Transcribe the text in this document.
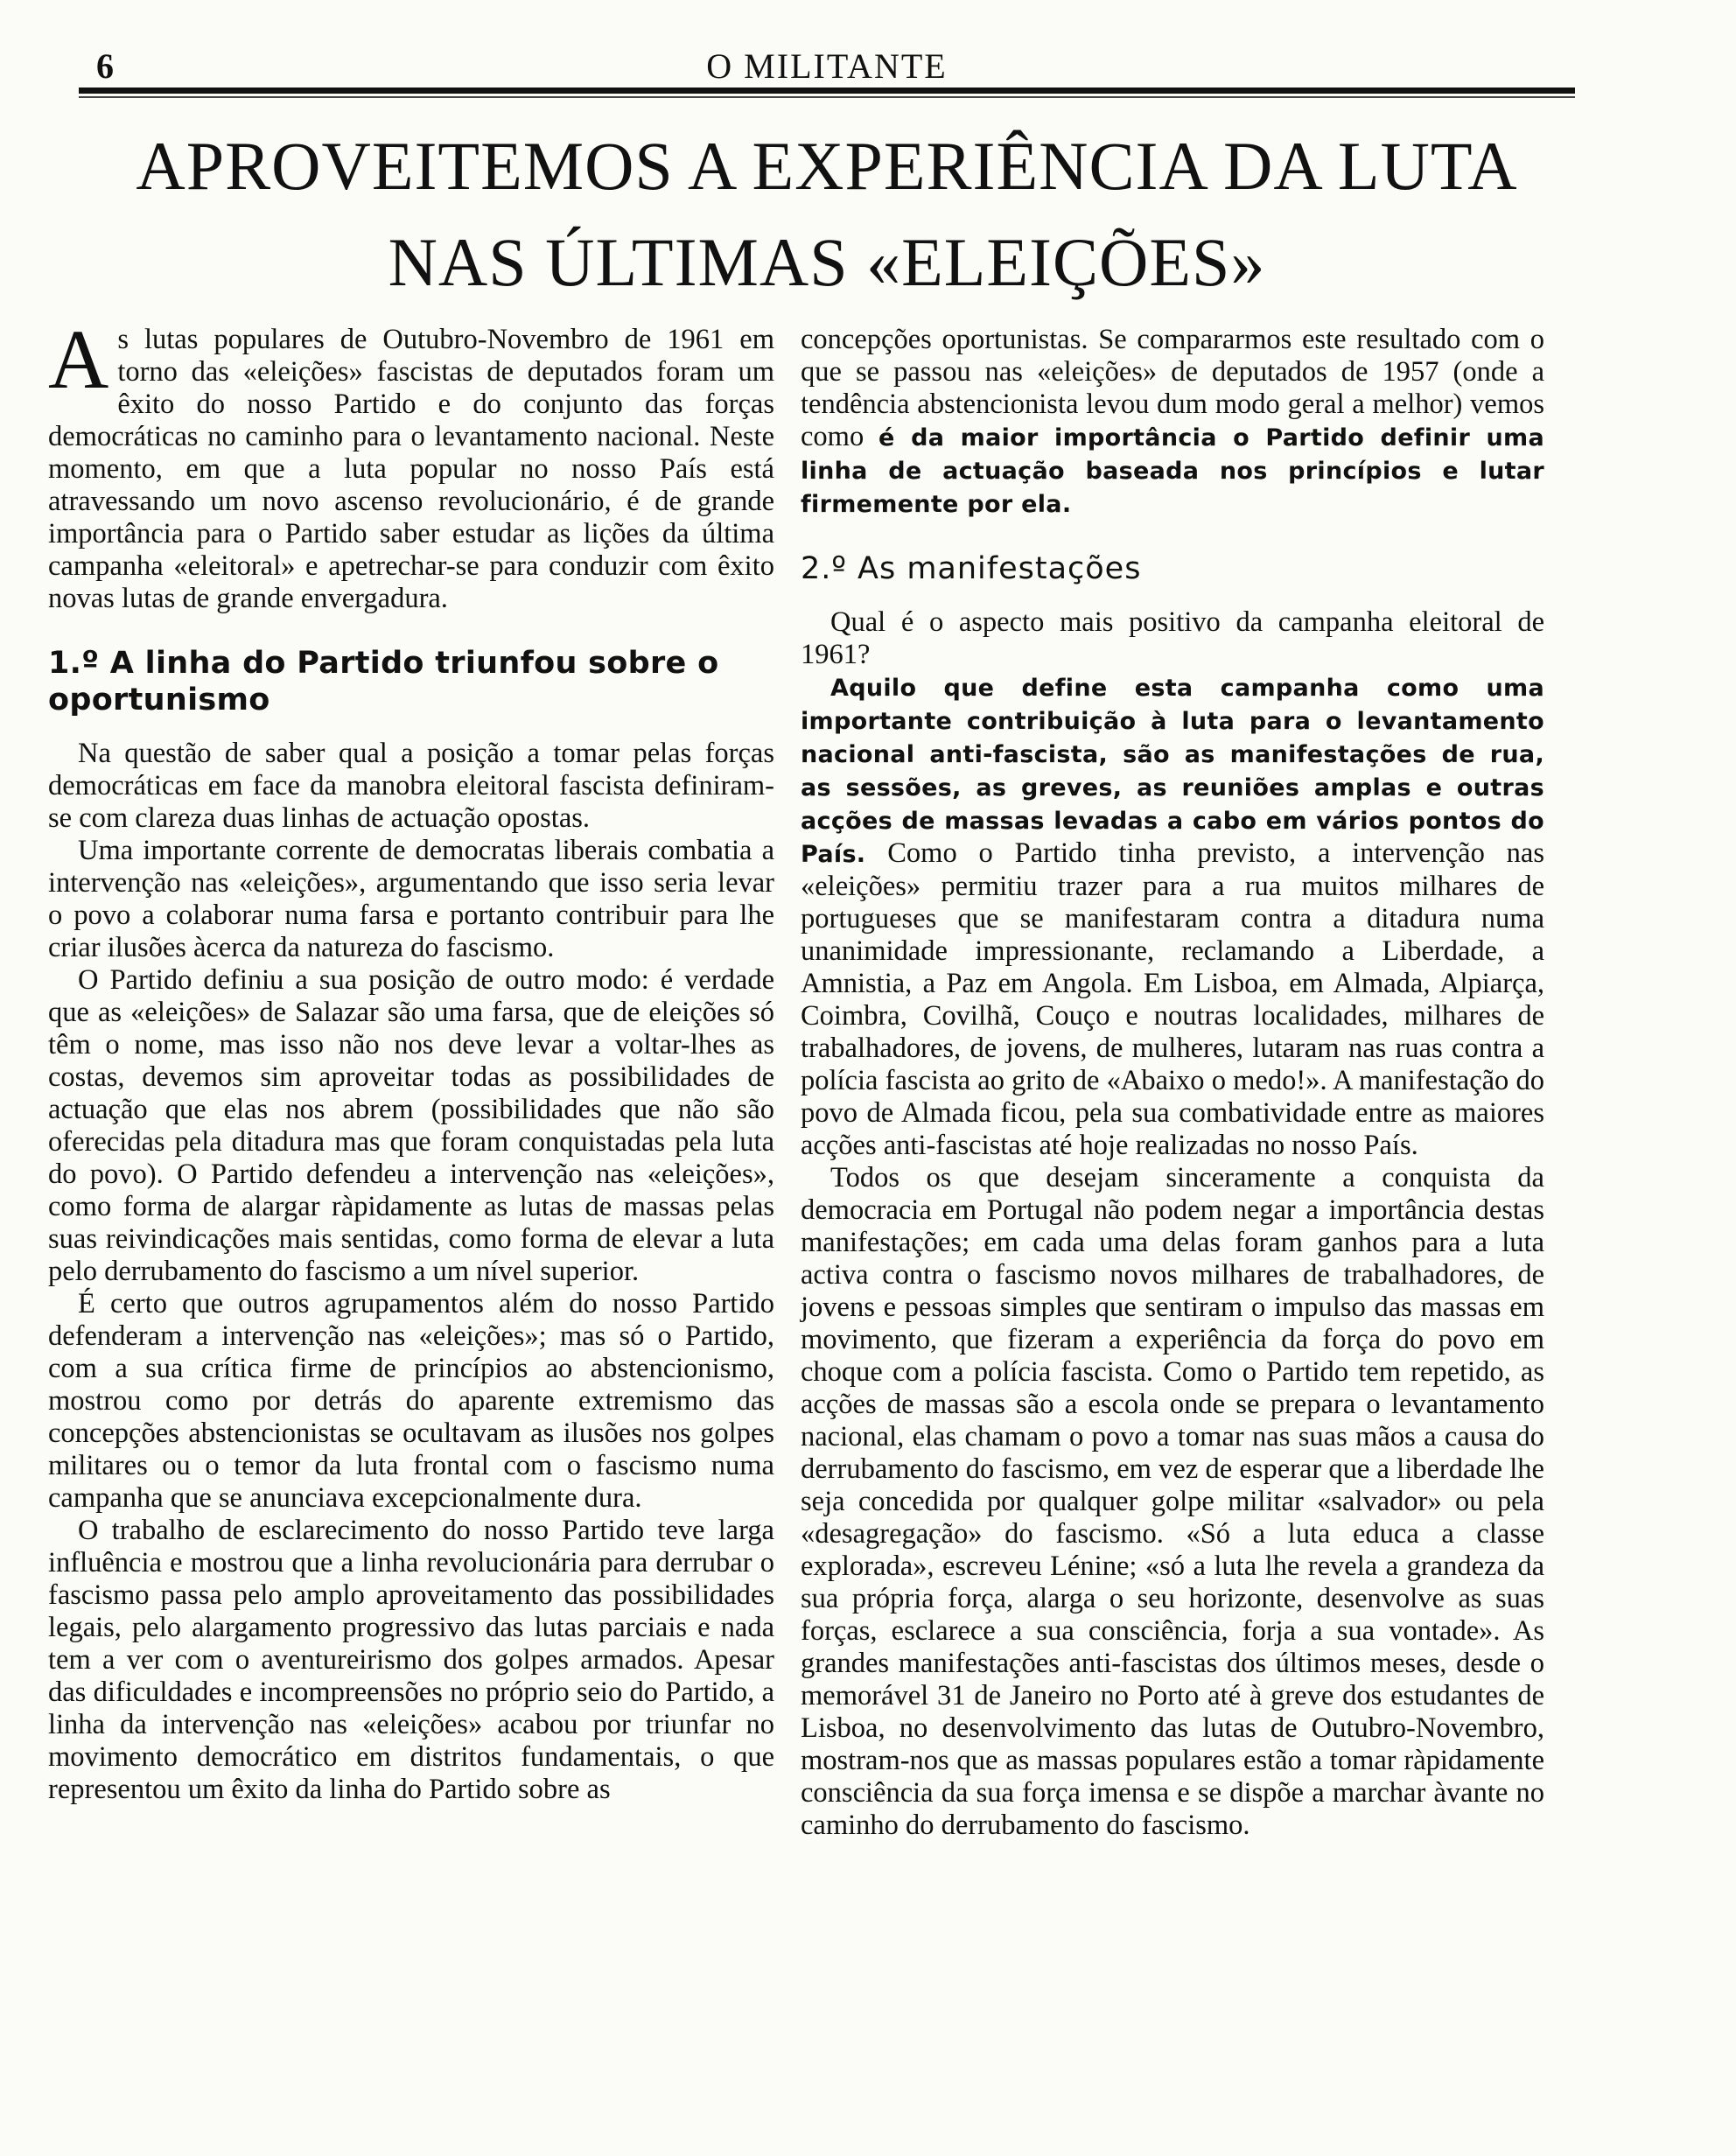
6	O MILITANTE
APROVEITEMOS A EXPERIÊNCIA DA LUTA
NAS ÚLTIMAS «ELEIÇÕES»

As lutas populares de Outubro-Novembro de 1961 em torno das «eleições» fascistas de deputados foram um êxito do nosso Partido e do conjunto das forças democráticas no caminho para o levantamento nacional. Neste momento, em que a luta popular no nosso País está atravessando um novo ascenso revolucionário, é de grande importância para o Partido saber estudar as lições da última campanha «eleitoral» e apetrechar-se para conduzir com êxito novas lutas de grande envergadura.

1.º A linha do Partido triunfou sobre o oportunismo

Na questão de saber qual a posição a tomar pelas forças democráticas em face da manobra eleitoral fascista definiram-se com clareza duas linhas de actuação opostas.

Uma importante corrente de democratas liberais combatia a intervenção nas «eleições», argumentando que isso seria levar o povo a colaborar numa farsa e portanto contribuir para lhe criar ilusões àcerca da natureza do fascismo.

O Partido definiu a sua posição de outro modo: é verdade que as «eleições» de Salazar são uma farsa, que de eleições só têm o nome, mas isso não nos deve levar a voltar-lhes as costas, devemos sim aproveitar todas as possibilidades de actuação que elas nos abrem (possibilidades que não são oferecidas pela ditadura mas que foram conquistadas pela luta do povo). O Partido defendeu a intervenção nas «eleições», como forma de alargar ràpidamente as lutas de massas pelas suas reivindicações mais sentidas, como forma de elevar a luta pelo derrubamento do fascismo a um nível superior.

É certo que outros agrupamentos além do nosso Partido defenderam a intervenção nas «eleições»; mas só o Partido, com a sua crítica firme de princípios ao abstencionismo, mostrou como por detrás do aparente extremismo das concepções abstencionistas se ocultavam as ilusões nos golpes militares ou o temor da luta frontal com o fascismo numa campanha que se anunciava excepcionalmente dura.

O trabalho de esclarecimento do nosso Partido teve larga influência e mostrou que a linha revolucionária para derrubar o fascismo passa pelo amplo aproveitamento das possibilidades legais, pelo alargamento progressivo das lutas parciais e nada tem a ver com o aventureirismo dos golpes armados. Apesar das dificuldades e incompreensões no próprio seio do Partido, a linha da intervenção nas «eleições» acabou por triunfar no movimento democrático em distritos fundamentais, o que representou um êxito da linha do Partido sobre as

concepções oportunistas. Se compararmos este resultado com o que se passou nas «eleições» de deputados de 1957 (onde a tendência abstencionista levou dum modo geral a melhor) vemos como é da maior importância o Partido definir uma linha de actuação baseada nos princípios e lutar firmemente por ela.

2.º As manifestações

Qual é o aspecto mais positivo da campanha eleitoral de 1961?

Aquilo que define esta campanha como uma importante contribuição à luta para o levantamento nacional anti-fascista, são as manifestações de rua, as sessões, as greves, as reuniões amplas e outras acções de massas levadas a cabo em vários pontos do País. Como o Partido tinha previsto, a intervenção nas «eleições» permitiu trazer para a rua muitos milhares de portugueses que se manifestaram contra a ditadura numa unanimidade impressionante, reclamando a Liberdade, a Amnistia, a Paz em Angola. Em Lisboa, em Almada, Alpiarça, Coimbra, Covilhã, Couço e noutras localidades, milhares de trabalhadores, de jovens, de mulheres, lutaram nas ruas contra a polícia fascista ao grito de «Abaixo o medo!». A manifestação do povo de Almada ficou, pela sua combatividade entre as maiores acções anti-fascistas até hoje realizadas no nosso País.

Todos os que desejam sinceramente a conquista da democracia em Portugal não podem negar a importância destas manifestações; em cada uma delas foram ganhos para a luta activa contra o fascismo novos milhares de trabalhadores, de jovens e pessoas simples que sentiram o impulso das massas em movimento, que fizeram a experiência da força do povo em choque com a polícia fascista. Como o Partido tem repetido, as acções de massas são a escola onde se prepara o levantamento nacional, elas chamam o povo a tomar nas suas mãos a causa do derrubamento do fascismo, em vez de esperar que a liberdade lhe seja concedida por qualquer golpe militar «salvador» ou pela «desagregação» do fascismo. «Só a luta educa a classe explorada», escreveu Lénine; «só a luta lhe revela a grandeza da sua própria força, alarga o seu horizonte, desenvolve as suas forças, esclarece a sua consciência, forja a sua vontade». As grandes manifestações anti-fascistas dos últimos meses, desde o memorável 31 de Janeiro no Porto até à greve dos estudantes de Lisboa, no desenvolvimento das lutas de Outubro-Novembro, mostram-nos que as massas populares estão a tomar ràpidamente consciência da sua força imensa e se dispõe a marchar àvante no caminho do derrubamento do fascismo.
